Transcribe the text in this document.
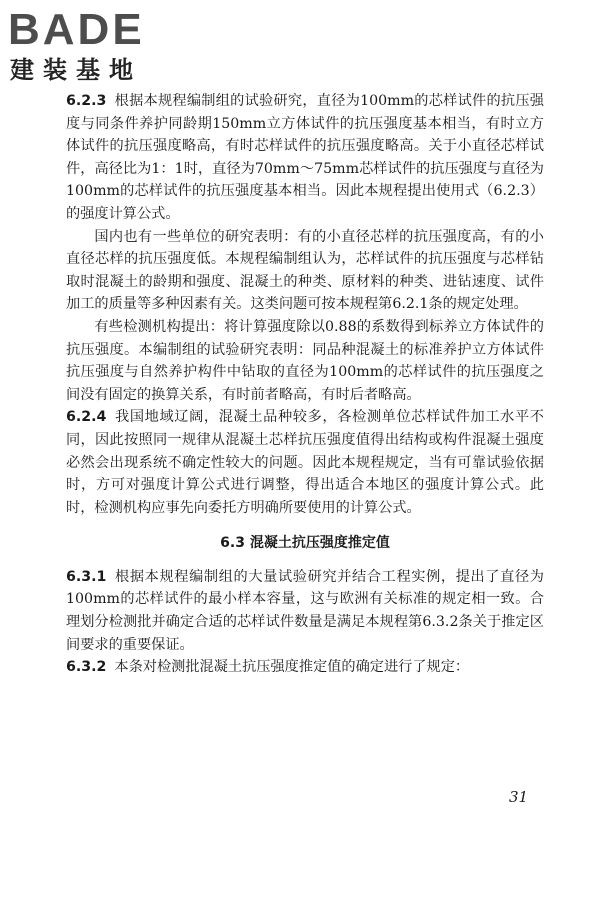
BADE
建装基地

6.2.3 根据本规程编制组的试验研究，直径为100mm的芯样试件的抗压强度与同条件养护同龄期150mm立方体试件的抗压强度基本相当，有时立方体试件的抗压强度略高，有时芯样试件的抗压强度略高。关于小直径芯样试件，高径比为1：1时，直径为70mm～75mm芯样试件的抗压强度与直径为100mm的芯样试件的抗压强度基本相当。因此本规程提出使用式（6.2.3）的强度计算公式。

国内也有一些单位的研究表明：有的小直径芯样的抗压强度高，有的小直径芯样的抗压强度低。本规程编制组认为，芯样试件的抗压强度与芯样钻取时混凝土的龄期和强度、混凝土的种类、原材料的种类、进钻速度、试件加工的质量等多种因素有关。这类问题可按本规程第6.2.1条的规定处理。

有些检测机构提出：将计算强度除以0.88的系数得到标养立方体试件的抗压强度。本编制组的试验研究表明：同品种混凝土的标准养护立方体试件抗压强度与自然养护构件中钻取的直径为100mm的芯样试件的抗压强度之间没有固定的换算关系，有时前者略高，有时后者略高。

6.2.4 我国地域辽阔，混凝土品种较多，各检测单位芯样试件加工水平不同，因此按照同一规律从混凝土芯样抗压强度值得出结构或构件混凝土强度必然会出现系统不确定性较大的问题。因此本规程规定，当有可靠试验依据时，方可对强度计算公式进行调整，得出适合本地区的强度计算公式。此时，检测机构应事先向委托方明确所要使用的计算公式。

6.3 混凝土抗压强度推定值

6.3.1 根据本规程编制组的大量试验研究并结合工程实例，提出了直径为100mm的芯样试件的最小样本容量，这与欧洲有关标准的规定相一致。合理划分检测批并确定合适的芯样试件数量是满足本规程第6.3.2条关于推定区间要求的重要保证。

6.3.2 本条对检测批混凝土抗压强度推定值的确定进行了规定：

31
